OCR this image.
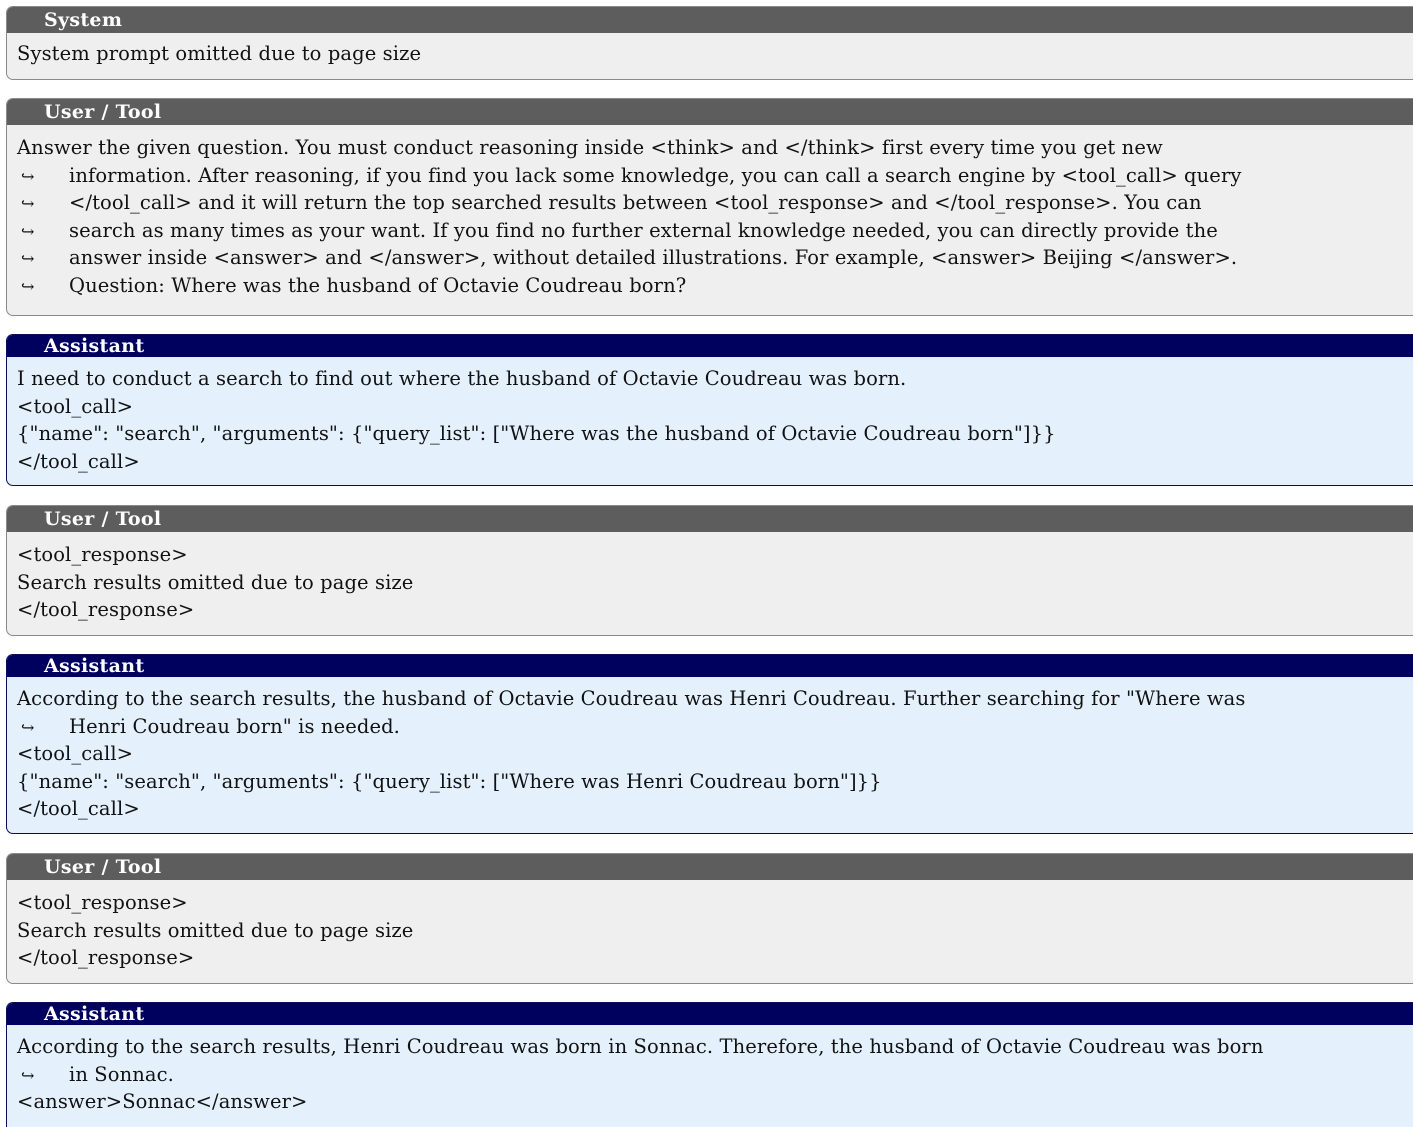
System
System prompt omitted due to page size
User / Tool
Answer the given question. You must conduct reasoning inside <think> and </think> first every time you get new
↪ information. After reasoning, if you find you lack some knowledge, you can call a search engine by <tool_call> query
↪ </tool_call> and it will return the top searched results between <tool_response> and </tool_response>. You can
↪ search as many times as your want. If you find no further external knowledge needed, you can directly provide the
↪ answer inside <answer> and </answer>, without detailed illustrations. For example, <answer> Beijing </answer>.
↪ Question: Where was the husband of Octavie Coudreau born?
Assistant
I need to conduct a search to find out where the husband of Octavie Coudreau was born.
<tool_call>
{"name": "search", "arguments": {"query_list": ["Where was the husband of Octavie Coudreau born"]}}
</tool_call>
User / Tool
<tool_response>
Search results omitted due to page size
</tool_response>
Assistant
According to the search results, the husband of Octavie Coudreau was Henri Coudreau. Further searching for "Where was
↪ Henri Coudreau born" is needed.
<tool_call>
{"name": "search", "arguments": {"query_list": ["Where was Henri Coudreau born"]}}
</tool_call>
User / Tool
<tool_response>
Search results omitted due to page size
</tool_response>
Assistant
According to the search results, Henri Coudreau was born in Sonnac. Therefore, the husband of Octavie Coudreau was born
↪ in Sonnac.
<answer>Sonnac</answer>
